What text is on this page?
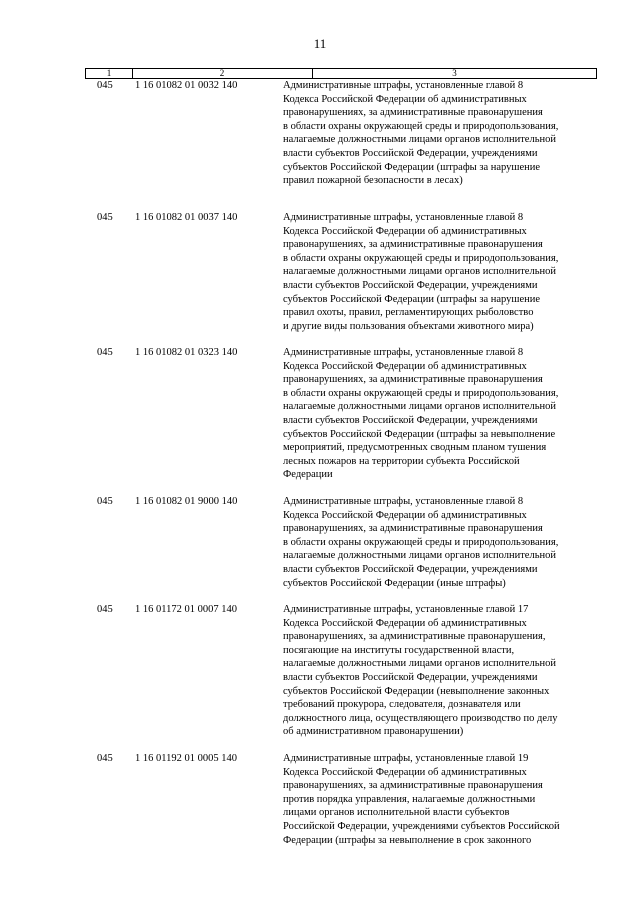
11
1	2	3
045 1 16 01082 01 0032 140	Административные штрафы, установленные главой 8
Кодекса Российской Федерации об административных
правонарушениях, за административные правонарушения
в области охраны окружающей среды и природопользования,
налагаемые должностными лицами органов исполнительной
власти субъектов Российской Федерации, учреждениями
субъектов Российской Федерации (штрафы за нарушение
правил пожарной безопасности в лесах)
045 1 16 01082 01 0037 140	Административные штрафы, установленные главой 8
Кодекса Российской Федерации об административных
правонарушениях, за административные правонарушения
в области охраны окружающей среды и природопользования,
налагаемые должностными лицами органов исполнительной
власти субъектов Российской Федерации, учреждениями
субъектов Российской Федерации (штрафы за нарушение
правил охоты, правил, регламентирующих рыболовство
и другие виды пользования объектами животного мира)
045 1 16 01082 01 0323 140	Административные штрафы, установленные главой 8
Кодекса Российской Федерации об административных
правонарушениях, за административные правонарушения
в области охраны окружающей среды и природопользования,
налагаемые должностными лицами органов исполнительной
власти субъектов Российской Федерации, учреждениями
субъектов Российской Федерации (штрафы за невыполнение
мероприятий, предусмотренных сводным планом тушения
лесных пожаров на территории субъекта Российской
Федерации
045 1 16 01082 01 9000 140	Административные штрафы, установленные главой 8
Кодекса Российской Федерации об административных
правонарушениях, за административные правонарушения
в области охраны окружающей среды и природопользования,
налагаемые должностными лицами органов исполнительной
власти субъектов Российской Федерации, учреждениями
субъектов Российской Федерации (иные штрафы)
045 1 16 01172 01 0007 140	Административные штрафы, установленные главой 17
Кодекса Российской Федерации об административных
правонарушениях, за административные правонарушения,
посягающие на институты государственной власти,
налагаемые должностными лицами органов исполнительной
власти субъектов Российской Федерации, учреждениями
субъектов Российской Федерации (невыполнение законных
требований прокурора, следователя, дознавателя или
должностного лица, осуществляющего производство по делу
об административном правонарушении)
045 1 16 01192 01 0005 140	Административные штрафы, установленные главой 19
Кодекса Российской Федерации об административных
правонарушениях, за административные правонарушения
против порядка управления, налагаемые должностными
лицами органов исполнительной власти субъектов
Российской Федерации, учреждениями субъектов Российской
Федерации (штрафы за невыполнение в срок законного
